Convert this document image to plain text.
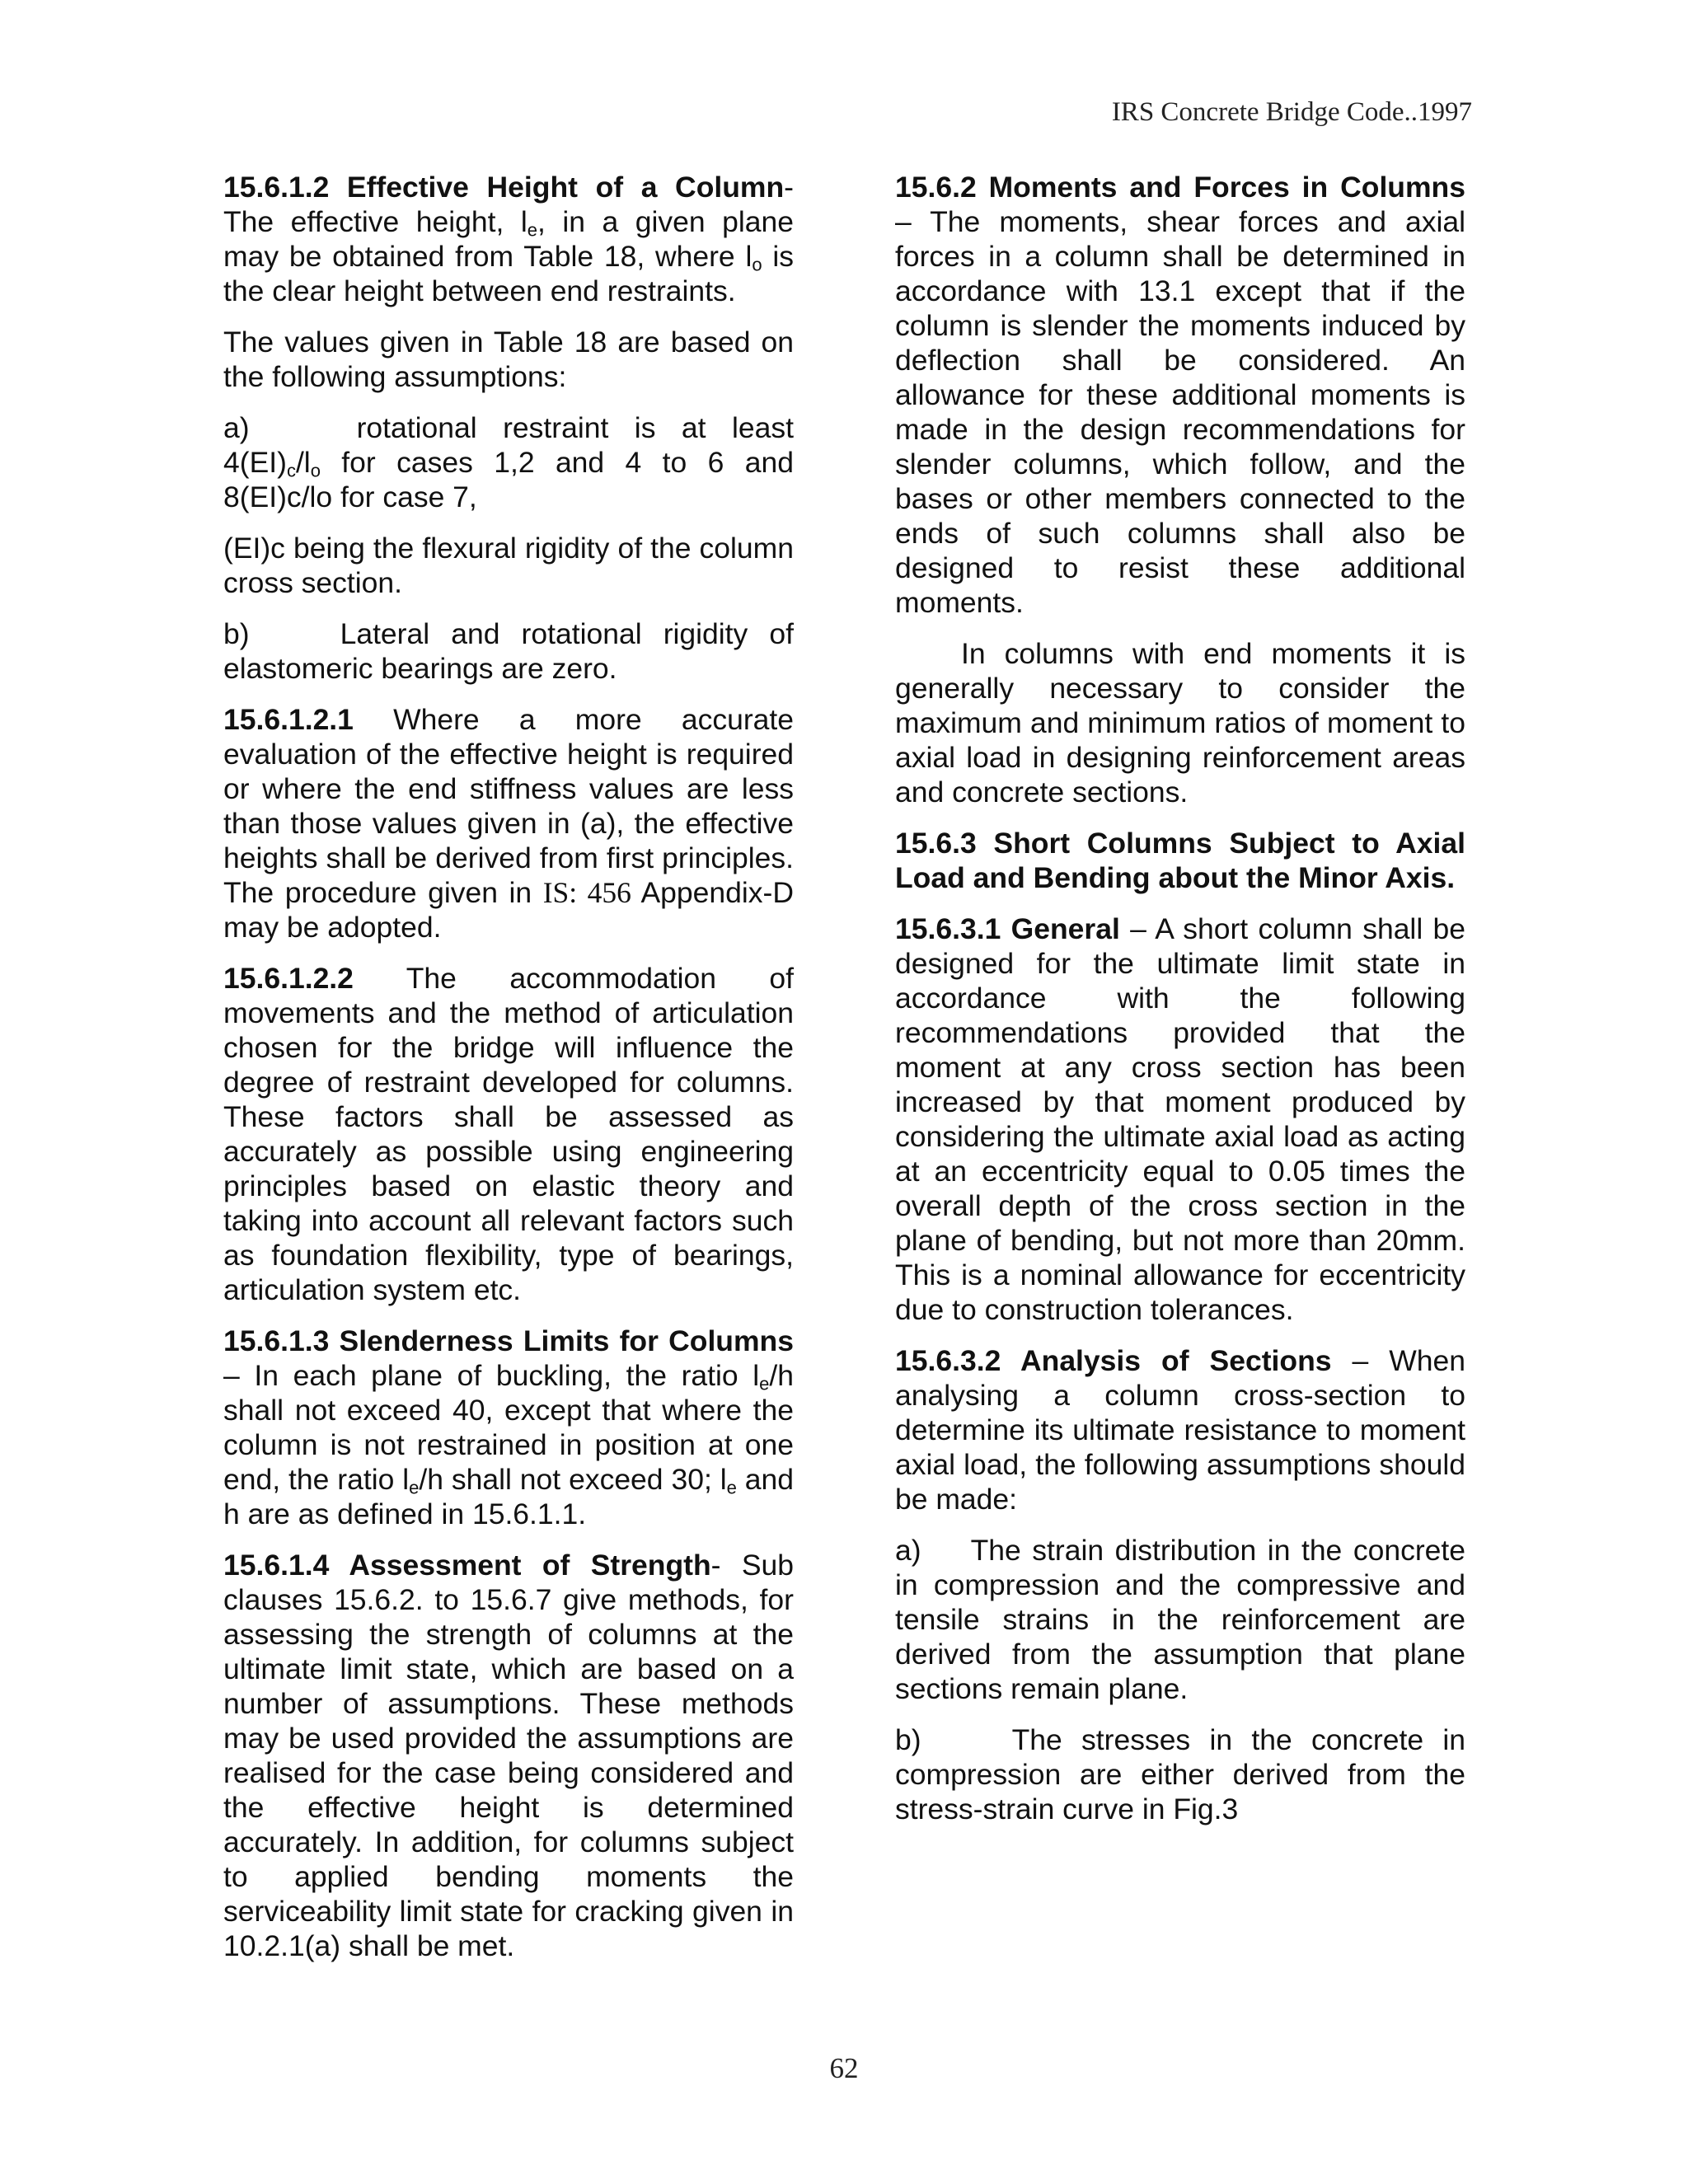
IRS Concrete Bridge Code..1997

15.6.1.2 Effective Height of a Column- The effective height, $l_e$, in a given plane may be obtained from Table 18, where $l_o$ is the clear height between end restraints.

The values given in Table 18 are based on the following assumptions:

a)	rotational restraint is at least $4(EI)_c/l_o$ for cases 1,2 and 4 to 6 and 8(EI)c/lo for case 7,

(EI)c being the flexural rigidity of the column cross section.

b)	Lateral and rotational rigidity of elastomeric bearings are zero.

15.6.1.2.1 Where a more accurate evaluation of the effective height is required or where the end stiffness values are less than those values given in (a), the effective heights shall be derived from first principles. The procedure given in IS: 456 Appendix-D may be adopted.

15.6.1.2.2 The accommodation of movements and the method of articulation chosen for the bridge will influence the degree of restraint developed for columns. These factors shall be assessed as accurately as possible using engineering principles based on elastic theory and taking into account all relevant factors such as foundation flexibility, type of bearings, articulation system etc.

15.6.1.3 Slenderness Limits for Columns – In each plane of buckling, the ratio $l_e/h$ shall not exceed 40, except that where the column is not restrained in position at one end, the ratio $l_e/h$ shall not exceed 30; $l_e$ and h are as defined in 15.6.1.1.

15.6.1.4 Assessment of Strength- Sub clauses 15.6.2. to 15.6.7 give methods, for assessing the strength of columns at the ultimate limit state, which are based on a number of assumptions. These methods may be used provided the assumptions are realised for the case being considered and the effective height is determined accurately. In addition, for columns subject to applied bending moments the serviceability limit state for cracking given in 10.2.1(a) shall be met.

15.6.2 Moments and Forces in Columns – The moments, shear forces and axial forces in a column shall be determined in accordance with 13.1 except that if the column is slender the moments induced by deflection shall be considered. An allowance for these additional moments is made in the design recommendations for slender columns, which follow, and the bases or other members connected to the ends of such columns shall also be designed to resist these additional moments.

In columns with end moments it is generally necessary to consider the maximum and minimum ratios of moment to axial load in designing reinforcement areas and concrete sections.

15.6.3 Short Columns Subject to Axial Load and Bending about the Minor Axis.

15.6.3.1 General – A short column shall be designed for the ultimate limit state in accordance with the following recommendations provided that the moment at any cross section has been increased by that moment produced by considering the ultimate axial load as acting at an eccentricity equal to 0.05 times the overall depth of the cross section in the plane of bending, but not more than 20mm. This is a nominal allowance for eccentricity due to construction tolerances.

15.6.3.2 Analysis of Sections – When analysing a column cross-section to determine its ultimate resistance to moment axial load, the following assumptions should be made:

a) The strain distribution in the concrete in compression and the compressive and tensile strains in the reinforcement are derived from the assumption that plane sections remain plane.

b)	The stresses in the concrete in compression are either derived from the stress-strain curve in Fig.3

62
